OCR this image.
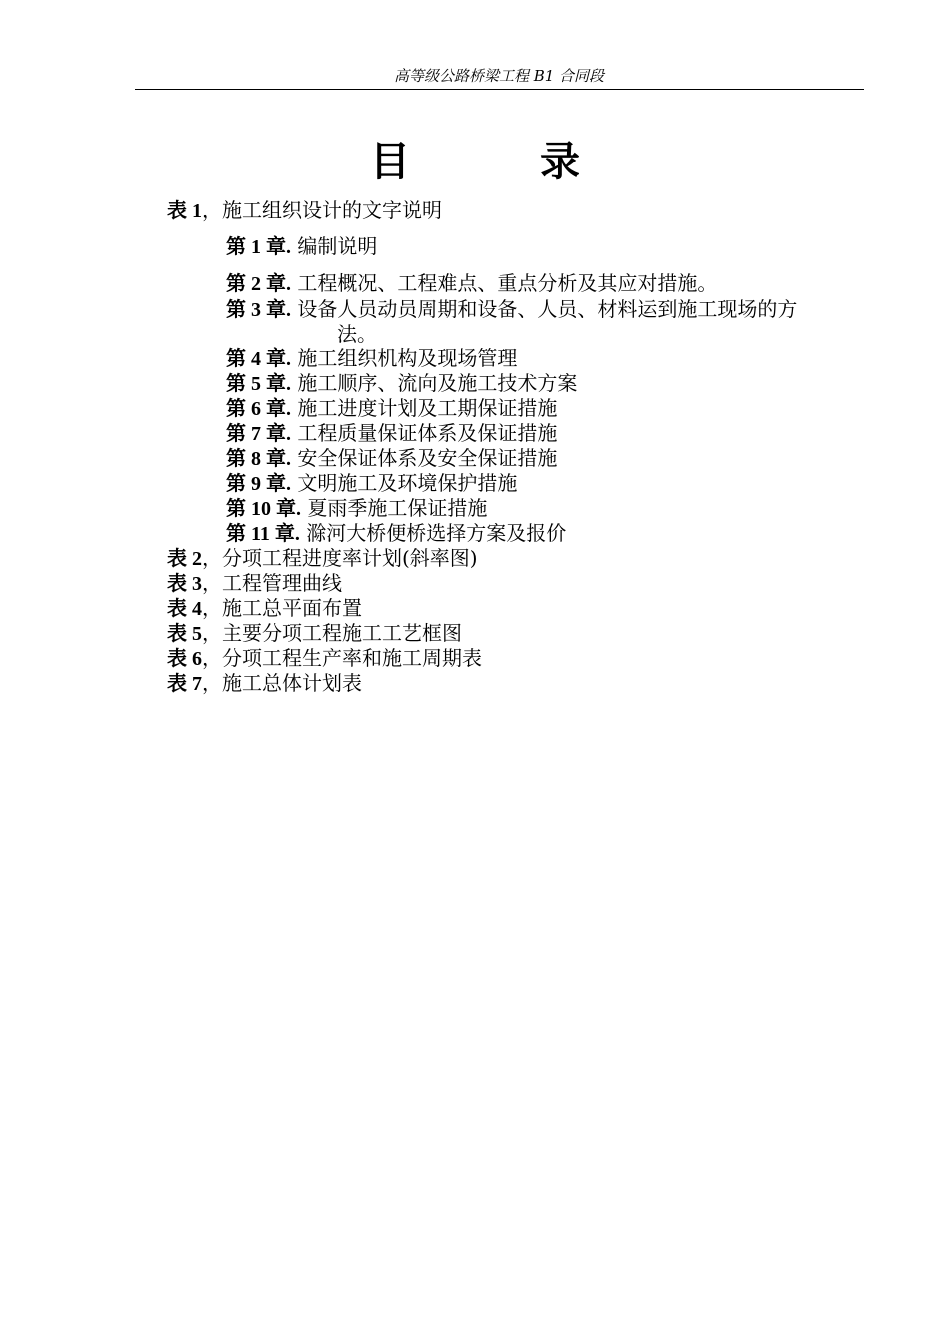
高等级公路桥梁工程 B1 合同段
目	录
表 1，施工组织设计的文字说明
第 1 章. 编制说明
第 2 章. 工程概况、工程难点、重点分析及其应对措施。
第 3 章. 设备人员动员周期和设备、人员、材料运到施工现场的方
法。
第 4 章. 施工组织机构及现场管理
第 5 章. 施工顺序、流向及施工技术方案
第 6 章. 施工进度计划及工期保证措施
第 7 章. 工程质量保证体系及保证措施
第 8 章. 安全保证体系及安全保证措施
第 9 章. 文明施工及环境保护措施
第 10 章. 夏雨季施工保证措施
第 11 章. 滁河大桥便桥选择方案及报价
表 2，分项工程进度率计划(斜率图)
表 3，工程管理曲线
表 4，施工总平面布置
表 5，主要分项工程施工工艺框图
表 6，分项工程生产率和施工周期表
表 7，施工总体计划表
